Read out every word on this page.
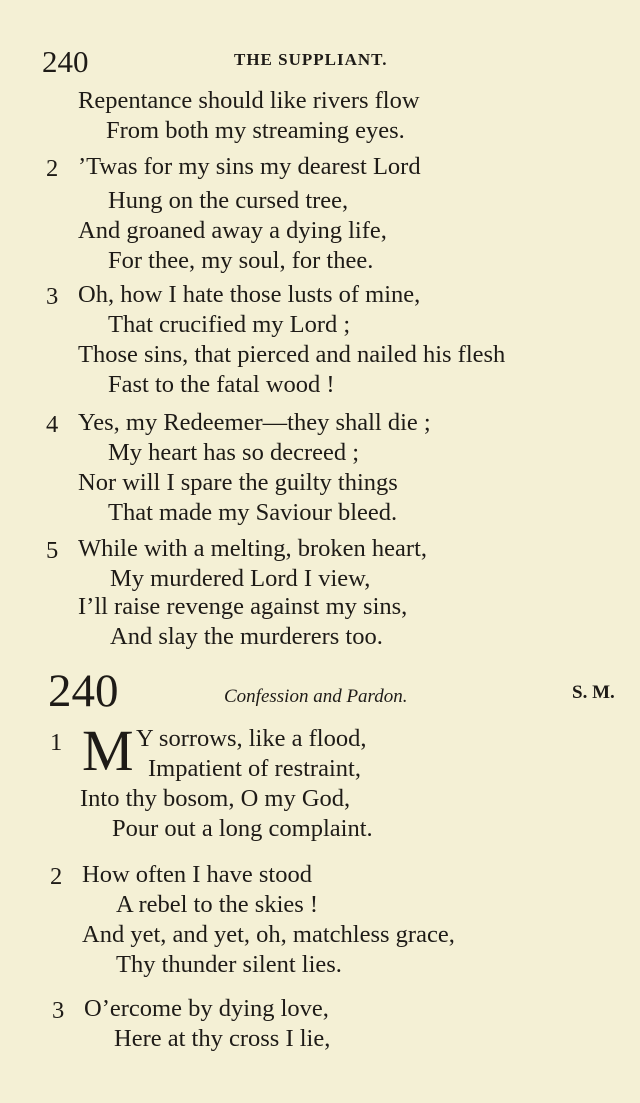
240	THE SUPPLIANT.
Repentance should like rivers flow
From both my streaming eyes.
2 ’Twas for my sins my dearest Lord
Hung on the cursed tree,
And groaned away a dying life,
For thee, my soul, for thee.
3 Oh, how I hate those lusts of mine,
That crucified my Lord ;
Those sins, that pierced and nailed his flesh
Fast to the fatal wood !
4 Yes, my Redeemer—they shall die ;
My heart has so decreed ;
Nor will I spare the guilty things
That made my Saviour bleed.
5 While with a melting, broken heart,
My murdered Lord I view,
I’ll raise revenge against my sins,
And slay the murderers too.
240	Confession and Pardon.	S. M.
1 M Y sorrows, like a flood,
Impatient of restraint,
Into thy bosom, O my God,
Pour out a long complaint.
2 How often I have stood
A rebel to the skies !
And yet, and yet, oh, matchless grace,
Thy thunder silent lies.
3 O’ercome by dying love,
Here at thy cross I lie,
